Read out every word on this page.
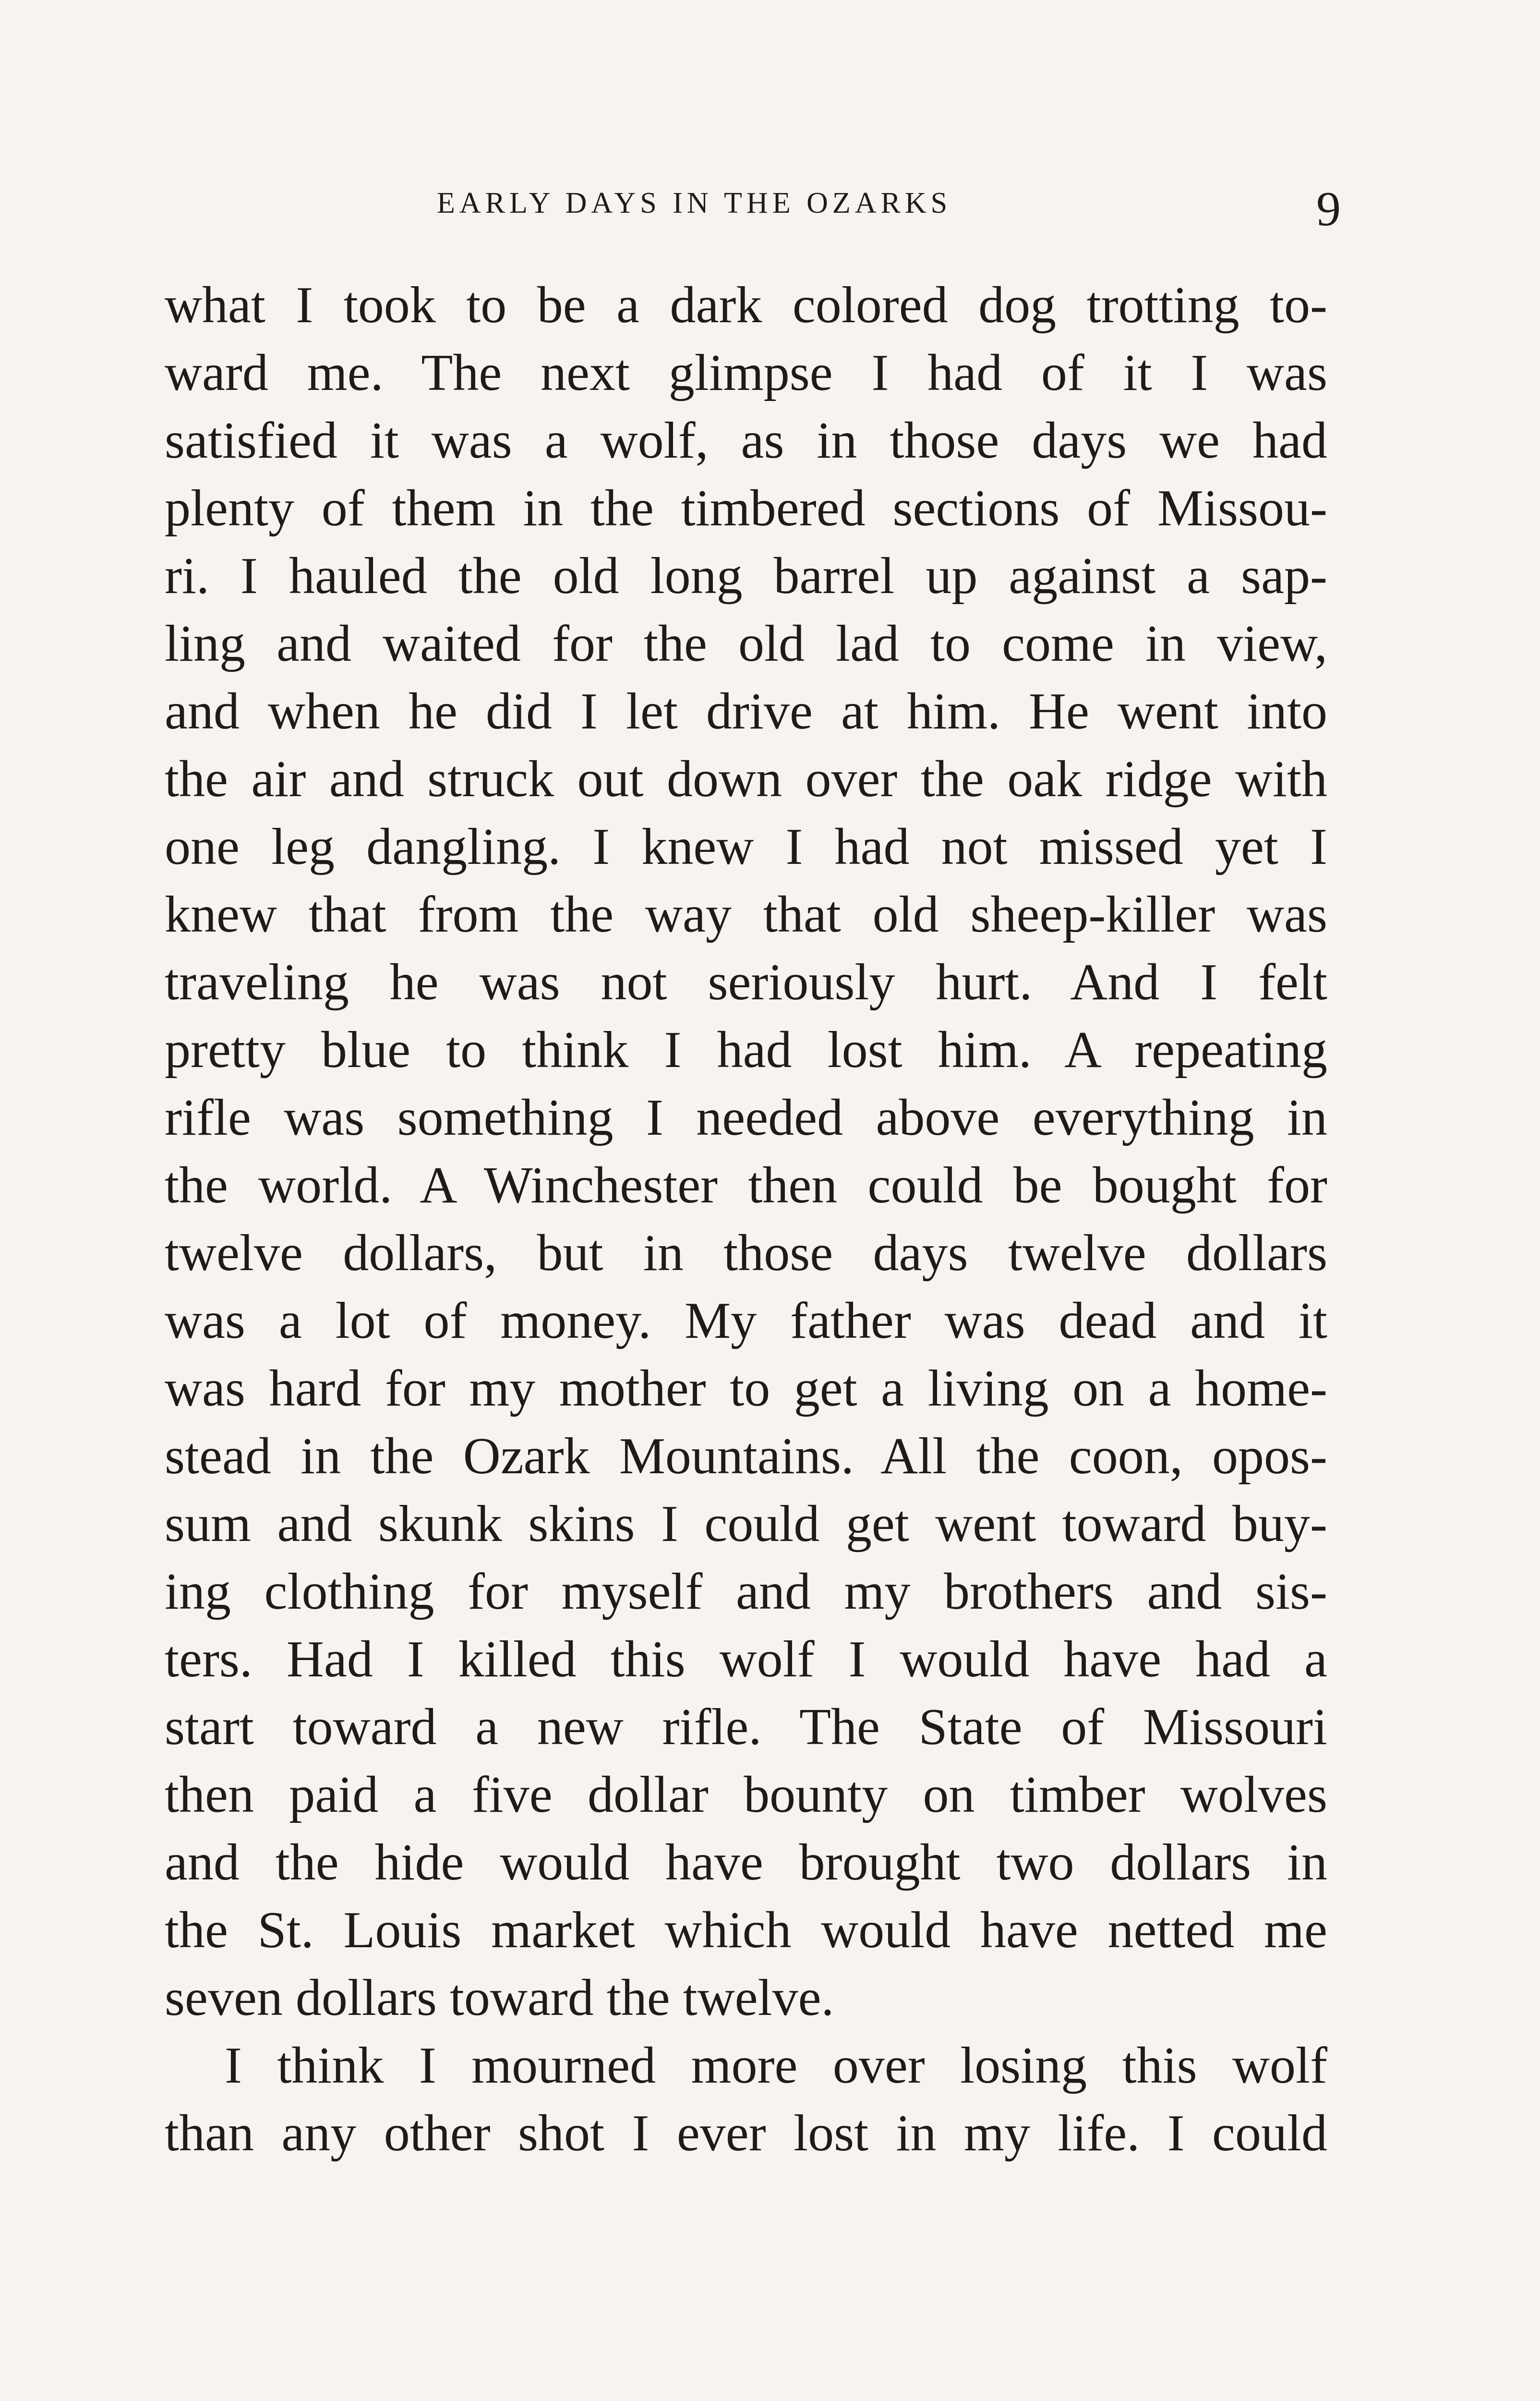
EARLY DAYS IN THE OZARKS	9
what I took to be a dark colored dog trotting to-
ward me. The next glimpse I had of it I was
satisfied it was a wolf, as in those days we had
plenty of them in the timbered sections of Missou-
ri. I hauled the old long barrel up against a sap-
ling and waited for the old lad to come in view,
and when he did I let drive at him. He went into
the air and struck out down over the oak ridge with
one leg dangling. I knew I had not missed yet I
knew that from the way that old sheep-killer was
traveling he was not seriously hurt. And I felt
pretty blue to think I had lost him. A repeating
rifle was something I needed above everything in
the world. A Winchester then could be bought for
twelve dollars, but in those days twelve dollars
was a lot of money. My father was dead and it
was hard for my mother to get a living on a home-
stead in the Ozark Mountains. All the coon, opos-
sum and skunk skins I could get went toward buy-
ing clothing for myself and my brothers and sis-
ters. Had I killed this wolf I would have had a
start toward a new rifle. The State of Missouri
then paid a five dollar bounty on timber wolves
and the hide would have brought two dollars in
the St. Louis market which would have netted me
seven dollars toward the twelve.
I think I mourned more over losing this wolf
than any other shot I ever lost in my life. I could
